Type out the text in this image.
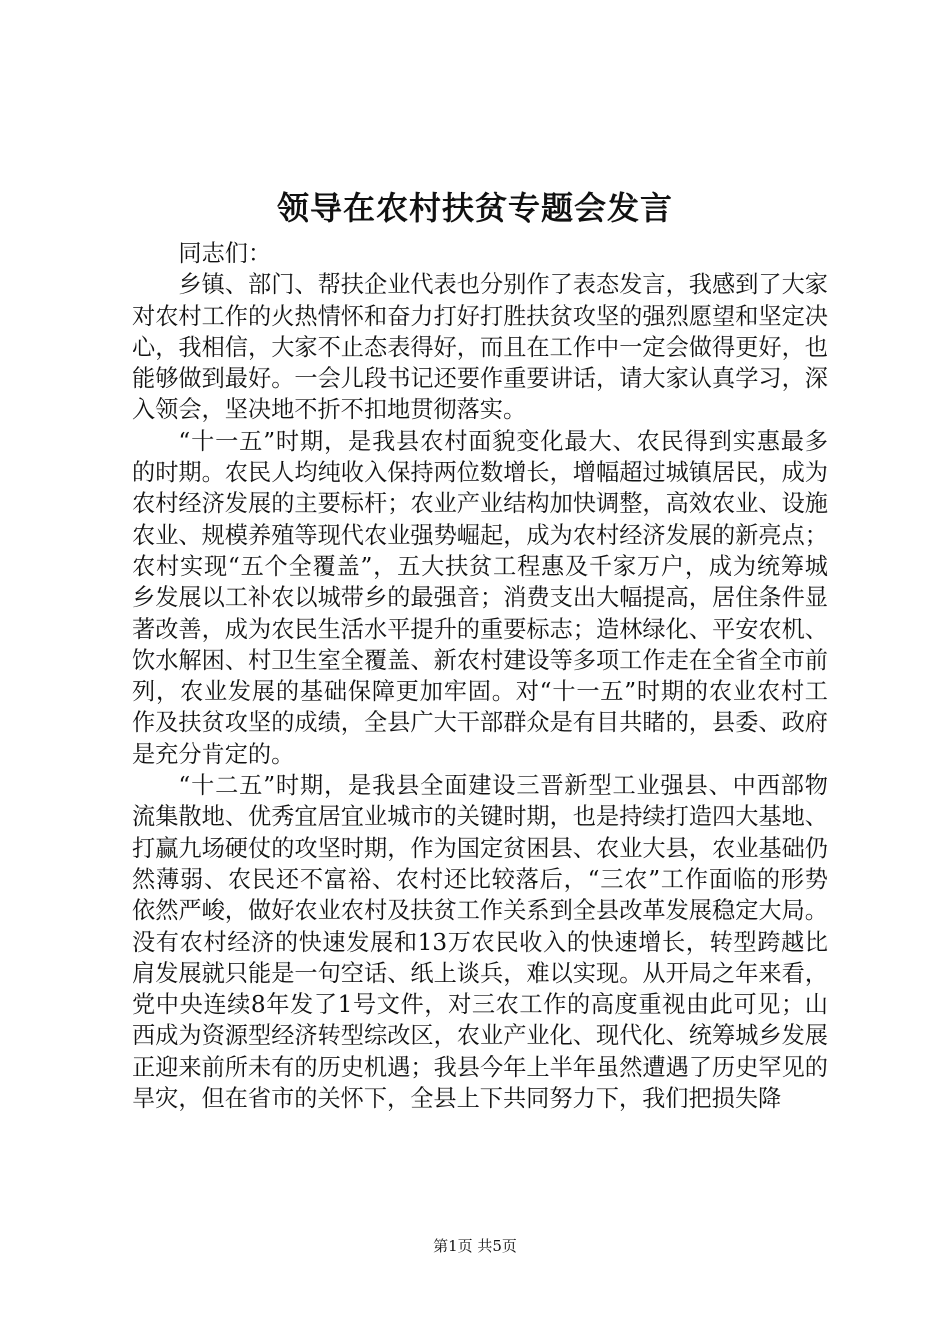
领导在农村扶贫专题会发言

同志们：

乡镇、部门、帮扶企业代表也分别作了表态发言，我感到了大家对农村工作的火热情怀和奋力打好打胜扶贫攻坚的强烈愿望和坚定决心，我相信，大家不止态表得好，而且在工作中一定会做得更好，也能够做到最好。一会儿段书记还要作重要讲话，请大家认真学习，深入领会，坚决地不折不扣地贯彻落实。

“十一五”时期，是我县农村面貌变化最大、农民得到实惠最多的时期。农民人均纯收入保持两位数增长，增幅超过城镇居民，成为农村经济发展的主要标杆；农业产业结构加快调整，高效农业、设施农业、规模养殖等现代农业强势崛起，成为农村经济发展的新亮点；农村实现“五个全覆盖”，五大扶贫工程惠及千家万户，成为统筹城乡发展以工补农以城带乡的最强音；消费支出大幅提高，居住条件显著改善，成为农民生活水平提升的重要标志；造林绿化、平安农机、饮水解困、村卫生室全覆盖、新农村建设等多项工作走在全省全市前列，农业发展的基础保障更加牢固。对“十一五”时期的农业农村工作及扶贫攻坚的成绩，全县广大干部群众是有目共睹的，县委、政府是充分肯定的。

“十二五”时期，是我县全面建设三晋新型工业强县、中西部物流集散地、优秀宜居宜业城市的关键时期，也是持续打造四大基地、打赢九场硬仗的攻坚时期，作为国定贫困县、农业大县，农业基础仍然薄弱、农民还不富裕、农村还比较落后，“三农”工作面临的形势依然严峻，做好农业农村及扶贫工作关系到全县改革发展稳定大局。没有农村经济的快速发展和13万农民收入的快速增长，转型跨越比肩发展就只能是一句空话、纸上谈兵，难以实现。从开局之年来看，党中央连续8年发了1号文件，对三农工作的高度重视由此可见；山西成为资源型经济转型综改区，农业产业化、现代化、统筹城乡发展正迎来前所未有的历史机遇；我县今年上半年虽然遭遇了历史罕见的旱灾，但在省市的关怀下，全县上下共同努力下，我们把损失降

第1页 共5页
